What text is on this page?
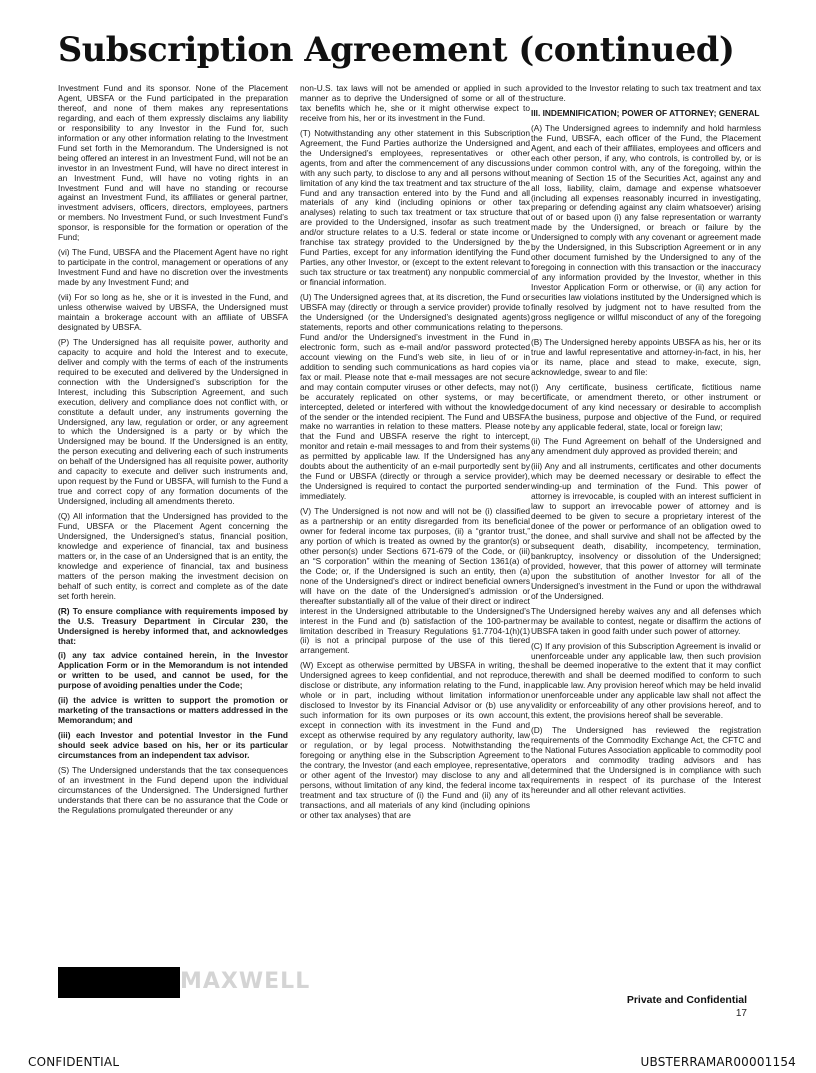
Subscription Agreement (continued)

Investment Fund and its sponsor. None of the Placement Agent, UBSFA or the Fund participated in the preparation thereof, and none of them makes any representations regarding, and each of them expressly disclaims any liability or responsibility to any Investor in the Fund for, such information or any other information relating to the Investment Fund set forth in the Memorandum. The Undersigned is not being offered an interest in an Investment Fund, will not be an investor in an Investment Fund, will have no direct interest in an Investment Fund, will have no voting rights in an Investment Fund and will have no standing or recourse against an Investment Fund, its affiliates or general partner, investment advisers, officers, directors, employees, partners or members. No Investment Fund, or such Investment Fund’s sponsor, is responsible for the formation or operation of the Fund;

(vi) The Fund, UBSFA and the Placement Agent have no right to participate in the control, management or operations of any Investment Fund and have no discretion over the investments made by any Investment Fund; and

(vii) For so long as he, she or it is invested in the Fund, and unless otherwise waived by UBSFA, the Undersigned must maintain a brokerage account with an affiliate of UBSFA designated by UBSFA.

(P) The Undersigned has all requisite power, authority and capacity to acquire and hold the Interest and to execute, deliver and comply with the terms of each of the instruments required to be executed and delivered by the Undersigned in connection with the Undersigned’s subscription for the Interest, including this Subscription Agreement, and such execution, delivery and compliance does not conflict with, or constitute a default under, any instruments governing the Undersigned, any law, regulation or order, or any agreement to which the Undersigned is a party or by which the Undersigned may be bound. If the Undersigned is an entity, the person executing and delivering each of such instruments on behalf of the Undersigned has all requisite power, authority and capacity to execute and deliver such instruments and, upon request by the Fund or UBSFA, will furnish to the Fund a true and correct copy of any formation documents of the Undersigned, including all amendments thereto.

(Q) All information that the Undersigned has provided to the Fund, UBSFA or the Placement Agent concerning the Undersigned, the Undersigned’s status, financial position, knowledge and experience of financial, tax and business matters or, in the case of an Undersigned that is an entity, the knowledge and experience of financial, tax and business matters of the person making the investment decision on behalf of such entity, is correct and complete as of the date set forth herein.

(R) To ensure compliance with requirements imposed by the U.S. Treasury Department in Circular 230, the Undersigned is hereby informed that, and acknowledges that:

(i) any tax advice contained herein, in the Investor Application Form or in the Memorandum is not intended or written to be used, and cannot be used, for the purpose of avoiding penalties under the Code;

(ii) the advice is written to support the promotion or marketing of the transactions or matters addressed in the Memorandum; and

(iii) each Investor and potential Investor in the Fund should seek advice based on his, her or its particular circumstances from an independent tax advisor.

(S) The Undersigned understands that the tax consequences of an investment in the Fund depend upon the individual circumstances of the Undersigned. The Undersigned further understands that there can be no assurance that the Code or the Regulations promulgated thereunder or any

non-U.S. tax laws will not be amended or applied in such a manner as to deprive the Undersigned of some or all of the tax benefits which he, she or it might otherwise expect to receive from his, her or its investment in the Fund.

(T) Notwithstanding any other statement in this Subscription Agreement, the Fund Parties authorize the Undersigned and the Undersigned’s employees, representatives or other agents, from and after the commencement of any discussions with any such party, to disclose to any and all persons without limitation of any kind the tax treatment and tax structure of the Fund and any transaction entered into by the Fund and all materials of any kind (including opinions or other tax analyses) relating to such tax treatment or tax structure that are provided to the Undersigned, insofar as such treatment and/or structure relates to a U.S. federal or state income or franchise tax strategy provided to the Undersigned by the Fund Parties, except for any information identifying the Fund Parties, any other Investor, or (except to the extent relevant to such tax structure or tax treatment) any nonpublic commercial or financial information.

(U) The Undersigned agrees that, at its discretion, the Fund or UBSFA may (directly or through a service provider) provide to the Undersigned (or the Undersigned’s designated agents) statements, reports and other communications relating to the Fund and/or the Undersigned’s investment in the Fund in electronic form, such as e-mail and/or password protected account viewing on the Fund’s web site, in lieu of or in addition to sending such communications as hard copies via fax or mail. Please note that e-mail messages are not secure and may contain computer viruses or other defects, may not be accurately replicated on other systems, or may be intercepted, deleted or interfered with without the knowledge of the sender or the intended recipient. The Fund and UBSFA make no warranties in relation to these matters. Please note that the Fund and UBSFA reserve the right to intercept, monitor and retain e-mail messages to and from their systems as permitted by applicable law. If the Undersigned has any doubts about the authenticity of an e-mail purportedly sent by the Fund or UBSFA (directly or through a service provider), the Undersigned is required to contact the purported sender immediately.

(V) The Undersigned is not now and will not be (i) classified as a partnership or an entity disregarded from its beneficial owner for federal income tax purposes, (ii) a “grantor trust,” any portion of which is treated as owned by the grantor(s) or other person(s) under Sections 671-679 of the Code, or (iii) an “S corporation” within the meaning of Section 1361(a) of the Code; or, if the Undersigned is such an entity, then (a) none of the Undersigned’s direct or indirect beneficial owners will have on the date of the Undersigned’s admission or thereafter substantially all of the value of their direct or indirect interest in the Undersigned attributable to the Undersigned’s interest in the Fund and (b) satisfaction of the 100-partner limitation described in Treasury Regulations §1.7704-1(h)(1)(ii) is not a principal purpose of the use of this tiered arrangement.

(W) Except as otherwise permitted by UBSFA in writing, the Undersigned agrees to keep confidential, and not reproduce, disclose or distribute, any information relating to the Fund, in whole or in part, including without limitation information disclosed to Investor by its Financial Advisor or (b) use any such information for its own purposes or its own account, except in connection with its investment in the Fund and except as otherwise required by any regulatory authority, law or regulation, or by legal process. Notwithstanding the foregoing or anything else in the Subscription Agreement to the contrary, the Investor (and each employee, representative, or other agent of the Investor) may disclose to any and all persons, without limitation of any kind, the federal income tax treatment and tax structure of (i) the Fund and (ii) any of its transactions, and all materials of any kind (including opinions or other tax analyses) that are

provided to the Investor relating to such tax treatment and tax structure.

III. INDEMNIFICATION; POWER OF ATTORNEY; GENERAL

(A) The Undersigned agrees to indemnify and hold harmless the Fund, UBSFA, each officer of the Fund, the Placement Agent, and each of their affiliates, employees and officers and each other person, if any, who controls, is controlled by, or is under common control with, any of the foregoing, within the meaning of Section 15 of the Securities Act, against any and all loss, liability, claim, damage and expense whatsoever (including all expenses reasonably incurred in investigating, preparing or defending against any claim whatsoever) arising out of or based upon (i) any false representation or warranty made by the Undersigned, or breach or failure by the Undersigned to comply with any covenant or agreement made by the Undersigned, in this Subscription Agreement or in any other document furnished by the Undersigned to any of the foregoing in connection with this transaction or the inaccuracy of any information provided by the Investor, whether in this Investor Application Form or otherwise, or (ii) any action for securities law violations instituted by the Undersigned which is finally resolved by judgment not to have resulted from the gross negligence or willful misconduct of any of the foregoing persons.

(B) The Undersigned hereby appoints UBSFA as his, her or its true and lawful representative and attorney-in-fact, in his, her or its name, place and stead to make, execute, sign, acknowledge, swear to and file:

(i) Any certificate, business certificate, fictitious name certificate, or amendment thereto, or other instrument or document of any kind necessary or desirable to accomplish the business, purpose and objective of the Fund, or required by any applicable federal, state, local or foreign law;

(ii) The Fund Agreement on behalf of the Undersigned and any amendment duly approved as provided therein; and

(iii) Any and all instruments, certificates and other documents which may be deemed necessary or desirable to effect the winding-up and termination of the Fund. This power of attorney is irrevocable, is coupled with an interest sufficient in law to support an irrevocable power of attorney and is deemed to be given to secure a proprietary interest of the donee of the power or performance of an obligation owed to the donee, and shall survive and shall not be affected by the subsequent death, disability, incompetency, termination, bankruptcy, insolvency or dissolution of the Undersigned; provided, however, that this power of attorney will terminate upon the substitution of another Investor for all of the Undersigned’s investment in the Fund or upon the withdrawal of the Undersigned.

The Undersigned hereby waives any and all defenses which may be available to contest, negate or disaffirm the actions of UBSFA taken in good faith under such power of attorney.

(C) If any provision of this Subscription Agreement is invalid or unenforceable under any applicable law, then such provision shall be deemed inoperative to the extent that it may conflict therewith and shall be deemed modified to conform to such applicable law. Any provision hereof which may be held invalid or unenforceable under any applicable law shall not affect the validity or enforceability of any other provisions hereof, and to this extent, the provisions hereof shall be severable.

(D) The Undersigned has reviewed the registration requirements of the Commodity Exchange Act, the CFTC and the National Futures Association applicable to commodity pool operators and commodity trading advisors and has determined that the Undersigned is in compliance with such requirements in respect of its purchase of the Interest hereunder and all other relevant activities.

MAXWELL
Private and Confidential
17
CONFIDENTIAL	UBSTERRAMAR00001154
